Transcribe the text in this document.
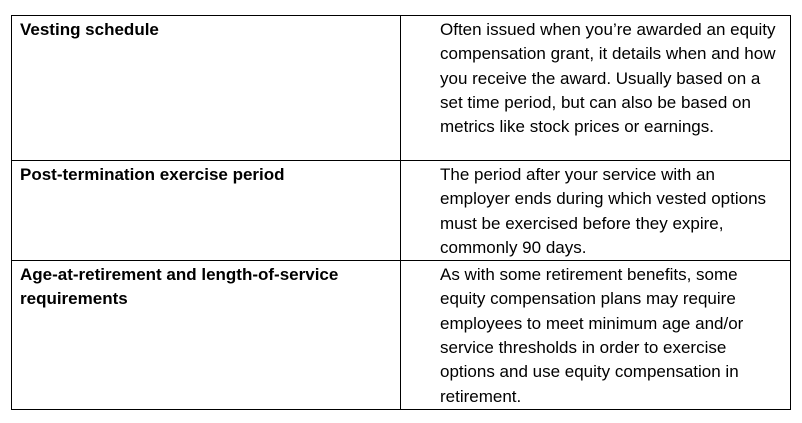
Vesting schedule	Often issued when you’re awarded an equity compensation grant, it details when and how you receive the award. Usually based on a set time period, but can also be based on metrics like stock prices or earnings.

Post-termination exercise period	The period after your service with an employer ends during which vested options must be exercised before they expire, commonly 90 days.

Age-at-retirement and length-of-service requirements	As with some retirement benefits, some equity compensation plans may require employees to meet minimum age and/or service thresholds in order to exercise options and use equity compensation in retirement.
